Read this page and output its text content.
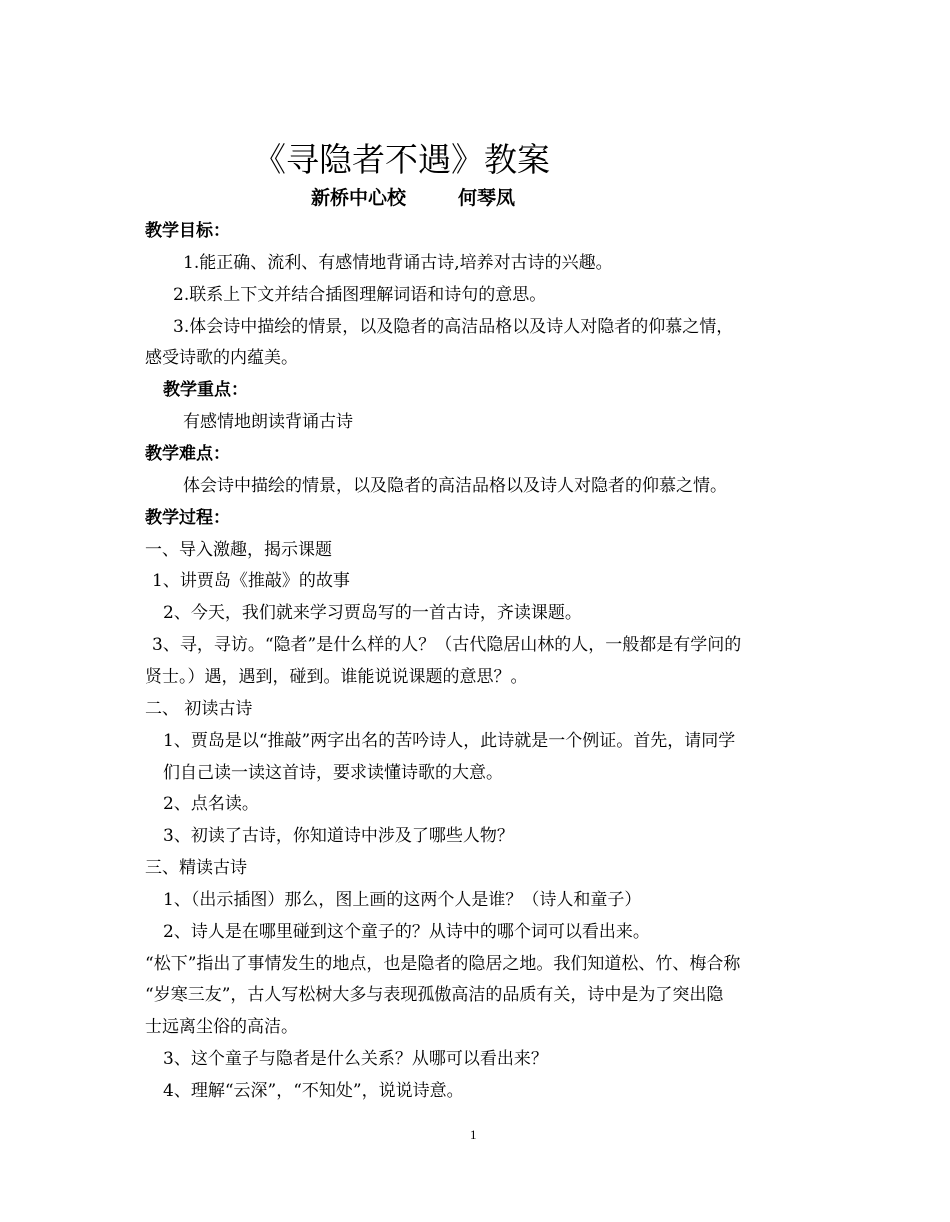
《寻隐者不遇》教案
新桥中心校	何琴凤
教学目标：
1.能正确、流利、有感情地背诵古诗,培养对古诗的兴趣。
2.联系上下文并结合插图理解词语和诗句的意思。
3.体会诗中描绘的情景，以及隐者的高洁品格以及诗人对隐者的仰慕之情，
感受诗歌的内蕴美。
教学重点：
有感情地朗读背诵古诗
教学难点：
体会诗中描绘的情景，以及隐者的高洁品格以及诗人对隐者的仰慕之情。
教学过程：
一、导入激趣，揭示课题
1、讲贾岛《推敲》的故事
2、今天，我们就来学习贾岛写的一首古诗，齐读课题。
3、寻，寻访。“隐者”是什么样的人？（古代隐居山林的人，一般都是有学问的
贤士。）遇，遇到，碰到。谁能说说课题的意思？。
二、 初读古诗
1、贾岛是以“推敲”两字出名的苦吟诗人，此诗就是一个例证。首先，请同学
们自己读一读这首诗，要求读懂诗歌的大意。
2、点名读。
3、初读了古诗，你知道诗中涉及了哪些人物？
三、精读古诗
1、（出示插图）那么，图上画的这两个人是谁？（诗人和童子）
2、诗人是在哪里碰到这个童子的？从诗中的哪个词可以看出来。
“松下”指出了事情发生的地点，也是隐者的隐居之地。我们知道松、竹、梅合称
“岁寒三友”，古人写松树大多与表现孤傲高洁的品质有关，诗中是为了突出隐
士远离尘俗的高洁。
3、这个童子与隐者是什么关系？从哪可以看出来？
4、理解“云深”，“不知处”，说说诗意。
1
